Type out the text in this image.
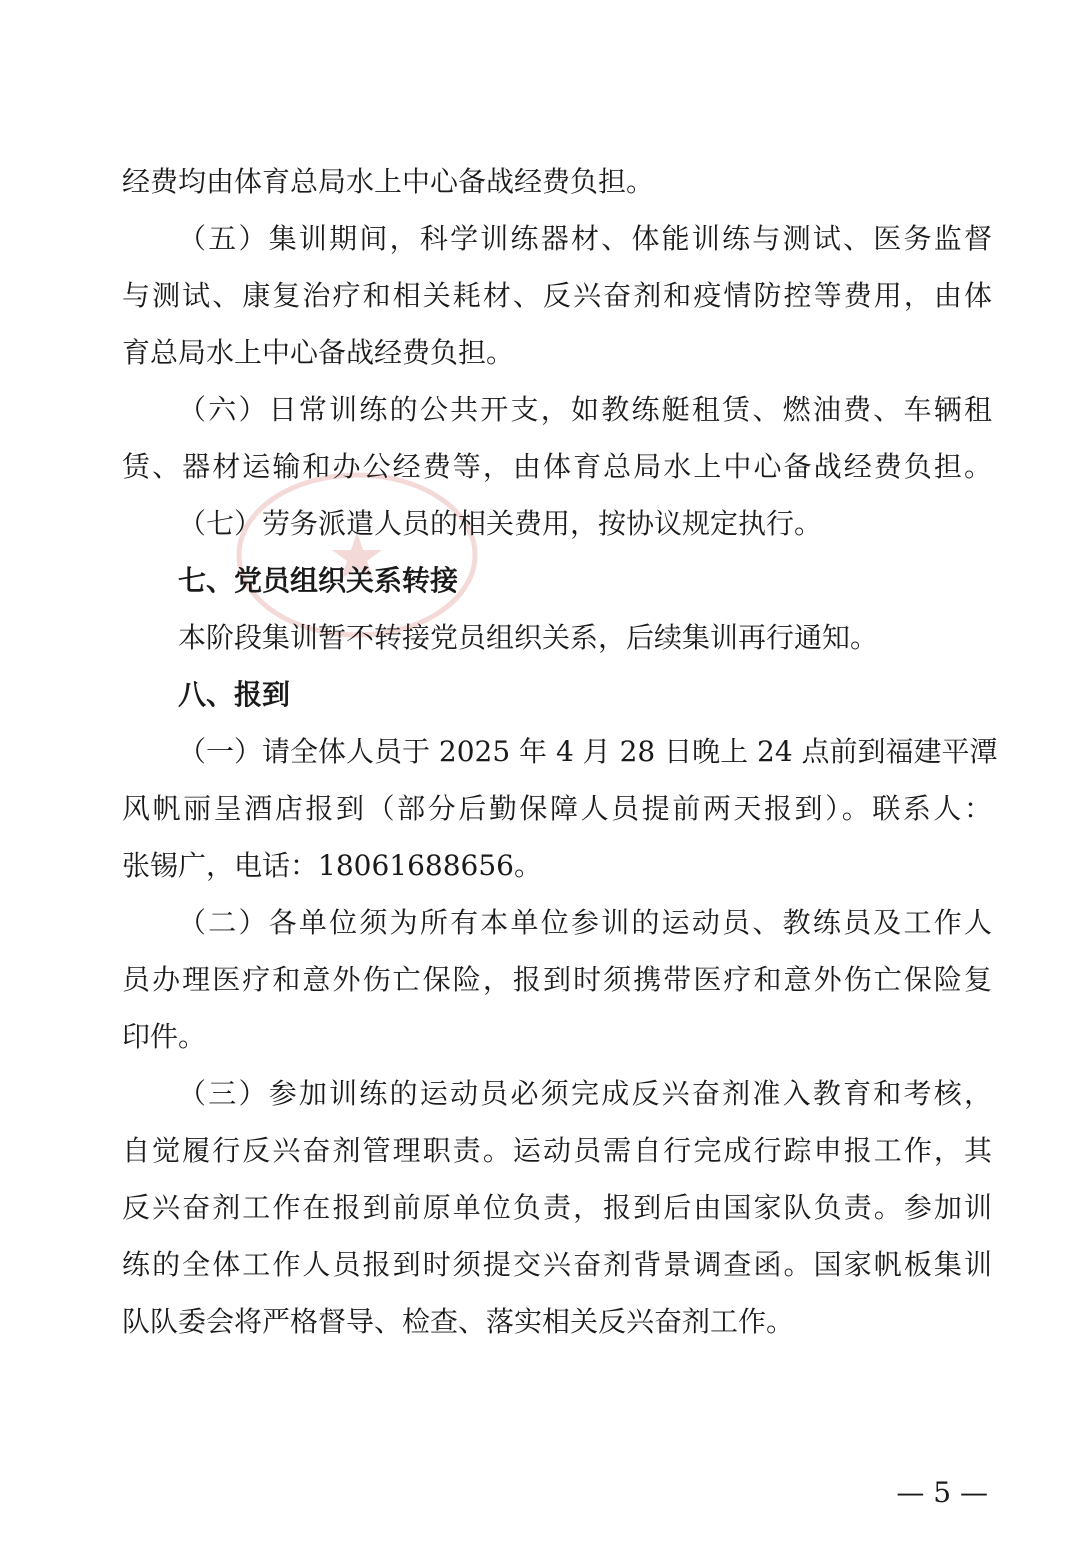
经费均由体育总局水上中心备战经费负担。
（五）集训期间，科学训练器材、体能训练与测试、医务监督
与测试、康复治疗和相关耗材、反兴奋剂和疫情防控等费用，由体
育总局水上中心备战经费负担。
（六）日常训练的公共开支，如教练艇租赁、燃油费、车辆租
赁、器材运输和办公经费等，由体育总局水上中心备战经费负担。
（七）劳务派遣人员的相关费用，按协议规定执行。
七、党员组织关系转接
本阶段集训暂不转接党员组织关系，后续集训再行通知。
八、报到
（一）请全体人员于 2025 年 4 月 28 日晚上 24 点前到福建平潭
风帆丽呈酒店报到（部分后勤保障人员提前两天报到）。联系人：
张锡广，电话：18061688656。
（二）各单位须为所有本单位参训的运动员、教练员及工作人
员办理医疗和意外伤亡保险，报到时须携带医疗和意外伤亡保险复
印件。
（三）参加训练的运动员必须完成反兴奋剂准入教育和考核，
自觉履行反兴奋剂管理职责。运动员需自行完成行踪申报工作，其
反兴奋剂工作在报到前原单位负责，报到后由国家队负责。参加训
练的全体工作人员报到时须提交兴奋剂背景调查函。国家帆板集训
队队委会将严格督导、检查、落实相关反兴奋剂工作。
— 5 —
